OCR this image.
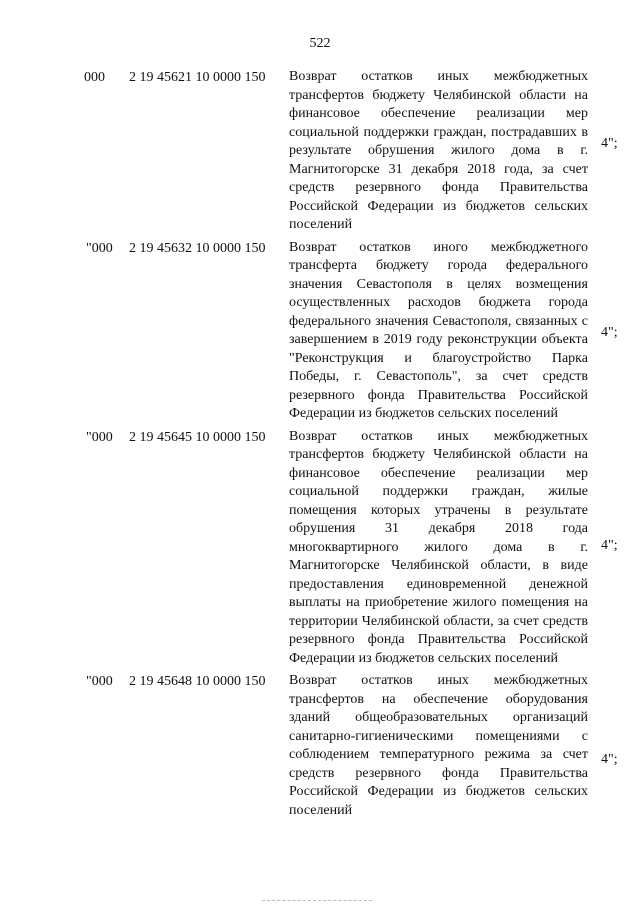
522
000 2 19 45621 10 0000 150 Возврат остатков иных межбюджетных трансфертов бюджету Челябинской области на финансовое обеспечение реализации мер социальной поддержки граждан, пострадавших в результате обрушения жилого дома в г. Магнитогорске 31 декабря 2018 года, за счет средств резервного фонда Правительства Российской Федерации из бюджетов сельских поселений
4";
"000 2 19 45632 10 0000 150 Возврат остатков иного межбюджетного трансферта бюджету города федерального значения Севастополя в целях возмещения осуществленных расходов бюджета города федерального значения Севастополя, связанных с завершением в 2019 году реконструкции объекта "Реконструкция и благоустройство Парка Победы, г. Севастополь", за счет средств резервного фонда Правительства Российской Федерации из бюджетов сельских поселений
4";
"000 2 19 45645 10 0000 150 Возврат остатков иных межбюджетных трансфертов бюджету Челябинской области на финансовое обеспечение реализации мер социальной поддержки граждан, жилые помещения которых утрачены в результате обрушения 31 декабря 2018 года многоквартирного жилого дома в г. Магнитогорске Челябинской области, в виде предоставления единовременной денежной выплаты на приобретение жилого помещения на территории Челябинской области, за счет средств резервного фонда Правительства Российской Федерации из бюджетов сельских поселений
4";
"000 2 19 45648 10 0000 150 Возврат остатков иных межбюджетных трансфертов на обеспечение оборудования зданий общеобразовательных организаций санитарно-гигиеническими помещениями с соблюдением температурного режима за счет средств резервного фонда Правительства Российской Федерации из бюджетов сельских поселений
4";
